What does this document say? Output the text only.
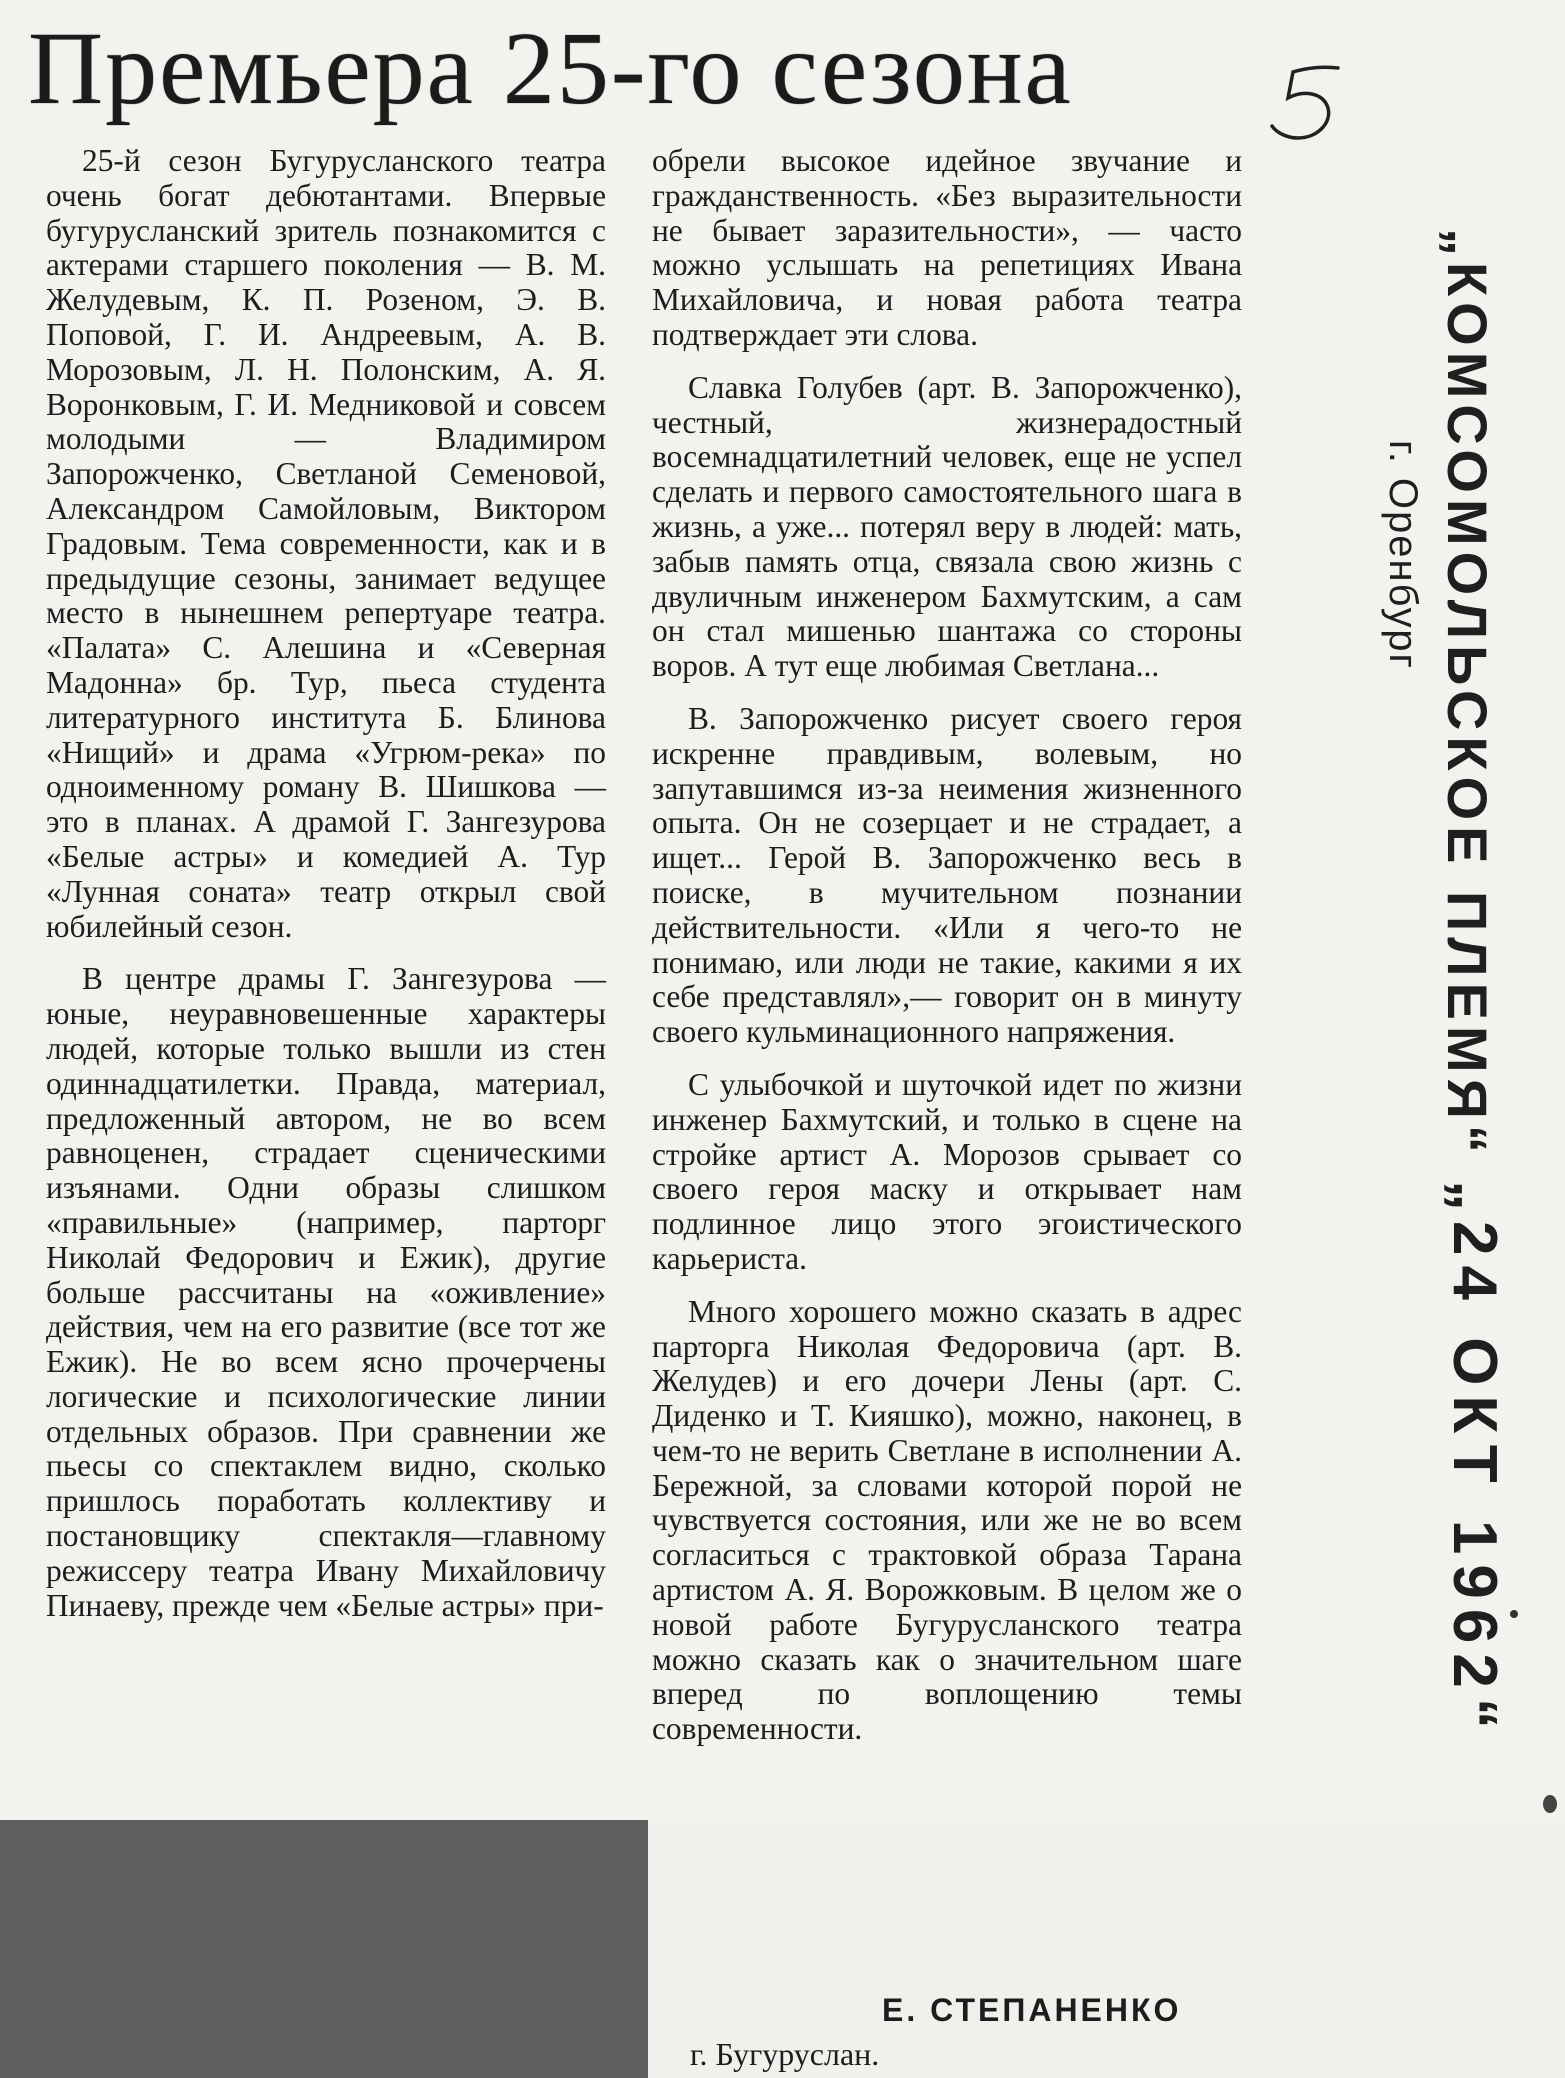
Премьера 25-го сезона

25-й сезон Бугурусланского театра очень богат дебютантами. Впервые бугурусланский зритель познакомится с актерами старшего поколения — В. М. Желудевым, К. П. Розеном, Э. В. Поповой, Г. И. Андреевым, А. В. Морозовым, Л. Н. Полонским, А. Я. Воронковым, Г. И. Медниковой и совсем молодыми — Владимиром Запорожченко, Светланой Семеновой, Александром Самойловым, Виктором Градовым. Тема современности, как и в предыдущие сезоны, занимает ведущее место в нынешнем репертуаре театра. «Палата» С. Алешина и «Северная Мадонна» бр. Тур, пьеса студента литературного института Б. Блинова «Нищий» и драма «Угрюм-река» по одноименному роману В. Шишкова — это в планах. А драмой Г. Зангезурова «Белые астры» и комедией А. Тур «Лунная соната» театр открыл свой юбилейный сезон.

В центре драмы Г. Зангезурова — юные, неуравновешенные характеры людей, которые только вышли из стен одиннадцатилетки. Правда, материал, предложенный автором, не во всем равноценен, страдает сценическими изъянами. Одни образы слишком «правильные» (например, парторг Николай Федорович и Ежик), другие больше рассчитаны на «оживление» действия, чем на его развитие (все тот же Ежик). Не во всем ясно прочерчены логические и психологические линии отдельных образов. При сравнении же пьесы со спектаклем видно, сколько пришлось поработать коллективу и постановщику спектакля—главному режиссеру театра Ивану Михайловичу Пинаеву, прежде чем «Белые астры» при-

обрели высокое идейное звучание и гражданственность. «Без выразительности не бывает заразительности», — часто можно услышать на репетициях Ивана Михайловича, и новая работа театра подтверждает эти слова.

Славка Голубев (арт. В. Запорожченко), честный, жизнерадостный восемнадцатилетний человек, еще не успел сделать и первого самостоятельного шага в жизнь, а уже... потерял веру в людей: мать, забыв память отца, связала свою жизнь с двуличным инженером Бахмутским, а сам он стал мишенью шантажа со стороны воров. А тут еще любимая Светлана...

В. Запорожченко рисует своего героя искренне правдивым, волевым, но запутавшимся из-за неимения жизненного опыта. Он не созерцает и не страдает, а ищет... Герой В. Запорожченко весь в поиске, в мучительном познании действительности. «Или я чего-то не понимаю, или люди не такие, какими я их себе представлял»,— говорит он в минуту своего кульминационного напряжения.

С улыбочкой и шуточкой идет по жизни инженер Бахмутский, и только в сцене на стройке артист А. Морозов срывает со своего героя маску и открывает нам подлинное лицо этого эгоистического карьериста.

Много хорошего можно сказать в адрес парторга Николая Федоровича (арт. В. Желудев) и его дочери Лены (арт. С. Диденко и Т. Кияшко), можно, наконец, в чем-то не верить Светлане в исполнении А. Бережной, за словами которой порой не чувствуется состояния, или же не во всем согласиться с трактовкой образа Тарана артистом А. Я. Ворожковым. В целом же о новой работе Бугурусланского театра можно сказать как о значительном шаге вперед по воплощению темы современности.

Е. СТЕПАНЕНКО
г. Бугуруслан.
„КОМСОМОЛЬСКОЕ ПЛЕМЯ“
г. Оренбург
„24 ОКТ 1962“
